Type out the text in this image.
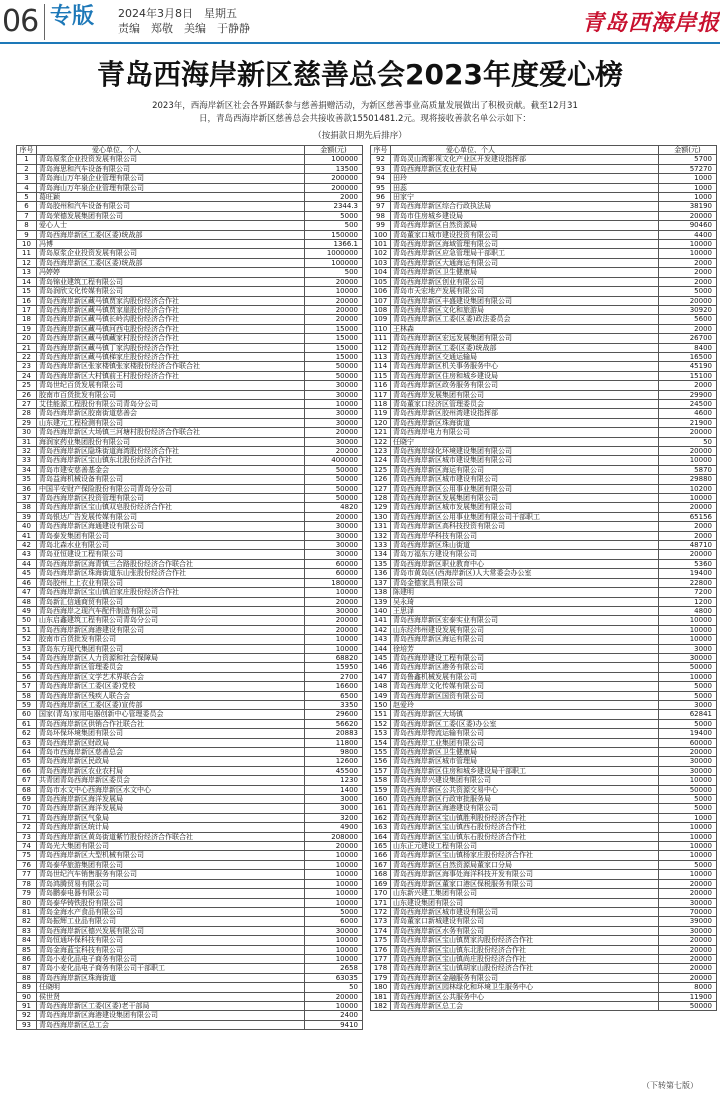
06 专版 2024年3月8日　星期五
责编　郑敬　美编　于静静	青岛西海岸报
青岛西海岸新区慈善总会2023年度爱心榜
2023年，西海岸新区社会各界踊跃参与慈善捐赠活动，为新区慈善事业高质量发展做出了积极贡献。截至12月31日，青岛西海岸新区慈善总会共接收善款15501481.2元。现将接收善款名单公示如下：
（按捐款日期先后排序）
序号	爱心单位、个人	金额(元)
1	青岛原浆企业投资发展有限公司	100000
2	青岛海思和汽车设备有限公司	13500
3	青岛海山万年泉企业管理有限公司	200000
4	青岛海山万年泉企业管理有限公司	200000
5	葛旺颖	2000
6	青岛胶州和汽车设备有限公司	2344.3
7	青岛荣德发展集团有限公司	5000
8	爱心人士	500
9	青岛西海岸新区工委(区委)统战部	150000
10	冯博	1366.1
11	青岛原浆企业投资发展有限公司	1000000
12	青岛西海岸新区工委(区委)统战部	100000
13	冯婷婷	500
14	青岛锦业建筑工程有限公司	20000
15	青岛润欣文化传媒有限公司	10000
16	青岛西海岸新区藏马镇贾家沟股份经济合作社	20000
17	青岛西海岸新区藏马镇贾家崖股份经济合作社	20000
18	青岛西海岸新区藏马镇长岭沟股份经济合作社	20000
19	青岛西海岸新区藏马镇河西屯股份经济合作社	15000
20	青岛西海岸新区藏马镇藏家村股份经济合作社	15000
21	青岛西海岸新区藏马镇丁家沟股份经济合作社	15000
22	青岛西海岸新区藏马镇梯家庄股份经济合作社	15000
23	青岛西海岸新区张家楼镇张家楼股份经济合作联合社	50000
24	青岛西海岸新区大村镇前王村股份经济合作社	50000
25	青岛世纪百货发展有限公司	30000
26	胶南市百货批发有限公司	30000
27	艾佳能源工程股份有限公司青岛分公司	10000
28	青岛西海岸新区胶南街道慈善会	30000
29	山东建元工程检测有限公司	30000
30	青岛西海岸新区大场镇三河塘村股份经济合作联合社	20000
31	海润家药业集团股份有限公司	30000
32	青岛西海岸新区隐珠街道海湾股份经济合作社	20000
33	青岛西海岸新区宝山镇东北股份经济合作社	400000
34	青岛市建安慈善基金会	50000
35	青岛益海机械设备有限公司	50000
36	中国平安财产保险股份有限公司青岛分公司	50000
37	青岛西海岸新区投资管理有限公司	50000
38	青岛西海岸新区宝山镇双皂股份经济合作社	4820
39	青岛银达广告发展传媒有限公司	20000
40	青岛西海岸新区海通建设有限公司	30000
41	青岛泰发集团有限公司	30000
42	青岛北森水业有限公司	30000
43	青岛亚恒建设工程有限公司	30000
44	青岛西海岸新区海青镇三合路股份经济合作联合社	60000
45	青岛西海岸新区珠海街道东山张股份经济合作社	60000
46	青岛胶州上上衣业有限公司	180000
47	青岛西海岸新区宝山镇泊家庄股份经济合作社	10000
48	青岛新汇信通商贸有限公司	20000
49	青岛西海岸之现汽车配件制造有限公司	30000
50	山东启鑫建筑工程有限公司青岛分公司	20000
51	青岛西海岸新区海港建设有限公司	20000
52	胶南市百货批发有限公司	10000
53	青岛东方现代集团有限公司	10000
54	青岛西海岸新区人力资源和社会保障局	68820
55	青岛西海岸新区管理委员会	15950
56	青岛西海岸新区文学艺术界联合会	2700
57	青岛西海岸新区工委(区委)党校	16600
58	青岛西海岸新区残疾人联合会	6500
59	青岛西海岸新区工委(区委)宣传部	3350
60	国家(青岛)家用电器创新中心管理委员会	29600
61	青岛西海岸新区供销合作社联合社	56620
62	青岛环保环境集团有限公司	20883
63	青岛西海岸新区财政局	11800
64	青岛市西海岸新区慈善总会	9800
65	青岛西海岸新区民政局	12600
66	青岛西海岸新区农业农村局	45500
67	共青团青岛西海岸新区委员会	1230
68	青岛市水文中心西海岸新区水文中心	1400
69	青岛西海岸新区海洋发展局	3000
70	青岛西海岸新区海洋发展局	3000
71	青岛西海岸新区气象局	3200
72	青岛西海岸新区统计局	4900
73	青岛西海岸新区黄岛街道紫竹股份经济合作联合社	208000
74	青岛光大集团有限公司	20000
75	青岛西海岸新区大型机械有限公司	10000
76	青岛泰华旅游集团有限公司	10000
77	青岛世纪汽车销售服务有限公司	10000
78	青岛鸿腾贸易有限公司	10000
79	青岛鹏泰电器有限公司	10000
80	青岛泰华铸铁股份有限公司	10000
81	青岛金海水产食品有限公司	5000
82	青岛振辉工业品有限公司	6000
83	青岛西海岸新区德兴发展有限公司	30000
84	青岛恒通环保科技有限公司	10000
85	青岛金海蓝宝科技有限公司	10000
86	青岛小麦化品电子商务有限公司	10000
87	青岛小麦化品电子商务有限公司干部职工	2658
88	青岛西海岸新区珠海街道	63035
89	任晓明	50
90	侯世贤	20000
91	青岛西海岸新区工委(区委)老干部局	10000
92	青岛西海岸新区海港建设集团有限公司	2400
93	青岛西海岸新区总工会	9410
序号	爱心单位、个人	金额(元)
92	青岛灵山湾影视文化产业区开发建设指挥部	5700
93	青岛西海岸新区农业农村局	57270
94	田玲	1000
95	田蕊	1000
96	田家宁	1000
97	青岛西海岸新区综合行政执法局	38190
98	青岛市住房城乡建设局	20000
99	青岛西海岸新区自然资源局	90460
100	青岛董家口城市建设投资有限公司	4400
101	青岛西海岸新区海域管理有限公司	10000
102	青岛西海岸新区应急管理局干部职工	10000
103	青岛西海岸新区大通海运有限公司	2000
104	青岛西海岸新区卫生健康局	2000
105	青岛西海岸新区创业有限公司	2000
106	青岛市天宏地产发展有限公司	5000
107	青岛西海岸新区丰盛建设集团有限公司	20000
108	青岛西海岸新区文化和旅游局	30920
109	青岛西海岸新区工委(区委)政法委员会	5600
110	王林森	2000
111	青岛西海岸新区宏远发展集团有限公司	26700
112	青岛西海岸新区工委(区委)统战部	8400
113	青岛西海岸新区交通运输局	16500
114	青岛西海岸新区机关事务服务中心	45190
115	青岛西海岸新区住房和城乡建设局	15100
116	青岛西海岸新区政务服务有限公司	2000
117	青岛西海岸发展集团有限公司	29900
118	青岛董家口经济区管理委员会	24500
119	青岛西海岸新区胶州湾建设指挥部	4600
120	青岛西海岸新区珠海街道	21900
121	青岛西海岸电力有限公司	20000
122	任晓宁	50
123	青岛西海岸绿化环境建设集团有限公司	20000
124	青岛西海岸新区城市建设集团有限公司	10000
125	青岛西海岸新区海运有限公司	5870
126	青岛西海岸新区城市建设有限公司	29880
127	青岛西海岸新区公用事业集团有限公司	10200
128	青岛西海岸新区发展集团有限公司	10000
129	青岛西海岸新区城市发展集团有限公司	20000
130	青岛西海岸新区公用事业集团有限公司干部职工	65156
131	青岛西海岸新区高科技投资有限公司	2000
132	青岛西海岸华科技有限公司	2000
133	青岛西海岸新区珠山街道	48710
134	青岛万福东方建设有限公司	20000
135	青岛西海岸新区职业教育中心	5360
136	青岛市黄岛区(西海岸新区)人大常委会办公室	19400
137	青岛金德家具有限公司	22800
138	陈建明	7200
139	吴永琦	1200
140	王思泽	4800
141	青岛西海岸新区宏泰实业有限公司	10000
142	山东经纬州建设发展有限公司	10000
143	青岛西海岸新区海运有限公司	10000
144	徐培芳	3000
145	青岛西海岸建设工程有限公司	30000
146	青岛西海岸新区港务有限公司	50000
147	青岛鲁鑫机械发展有限公司	10000
148	青岛西海岸文化传媒有限公司	5000
149	青岛西海岸新区国资有限公司	5000
150	赵爱玲	3000
151	青岛西海岸新区大场镇	62841
152	青岛西海岸新区工委(区委)办公室	5000
153	青岛西海岸物流运输有限公司	19400
154	青岛西海岸工业集团有限公司	60000
155	青岛西海岸新区卫生健康局	20000
156	青岛西海岸新区城市管理局	30000
157	青岛西海岸新区住房和城乡建设局干部职工	30000
158	青岛西海岸兴建设集团有限公司	10000
159	青岛西海岸新区公共资源交易中心	50000
160	青岛西海岸新区行政审批服务局	5000
161	青岛西海岸新区海港建设有限公司	5000
162	青岛西海岸新区宝山镇胜利股份经济合作社	1000
163	青岛西海岸新区宝山镇西石股份经济合作社	10000
164	青岛西海岸新区宝山镇东石股份经济合作社	10000
165	山东正元建设工程有限公司	10000
166	青岛西海岸新区宝山镇杨家庄股份经济合作社	10000
167	青岛西海岸新区自然资源局董家口分局	5000
168	青岛西海岸新区海事处海洋科技开发有限公司	10000
169	青岛西海岸新区董家口港区保税服务有限公司	20000
170	山东新兴建工集团有限公司	20000
171	山东建设集团有限公司	30000
172	青岛西海岸新区城市建设有限公司	70000
173	青岛董家口新城建设有限公司	39000
174	青岛西海岸新区水务有限公司	30000
175	青岛西海岸新区宝山镇贾家沟股份经济合作社	20000
176	青岛西海岸新区宝山镇东北股份经济合作社	20000
177	青岛西海岸新区宝山镇尚庄股份经济合作社	20000
178	青岛西海岸新区宝山镇胡家山股份经济合作社	20000
179	青岛西海岸新区金融服务有限公司	20000
180	青岛西海岸新区园林绿化和环境卫生服务中心	8000
181	青岛西海岸新区公共服务中心	11900
182	青岛西海岸新区总工会	50000
（下转第七版）
